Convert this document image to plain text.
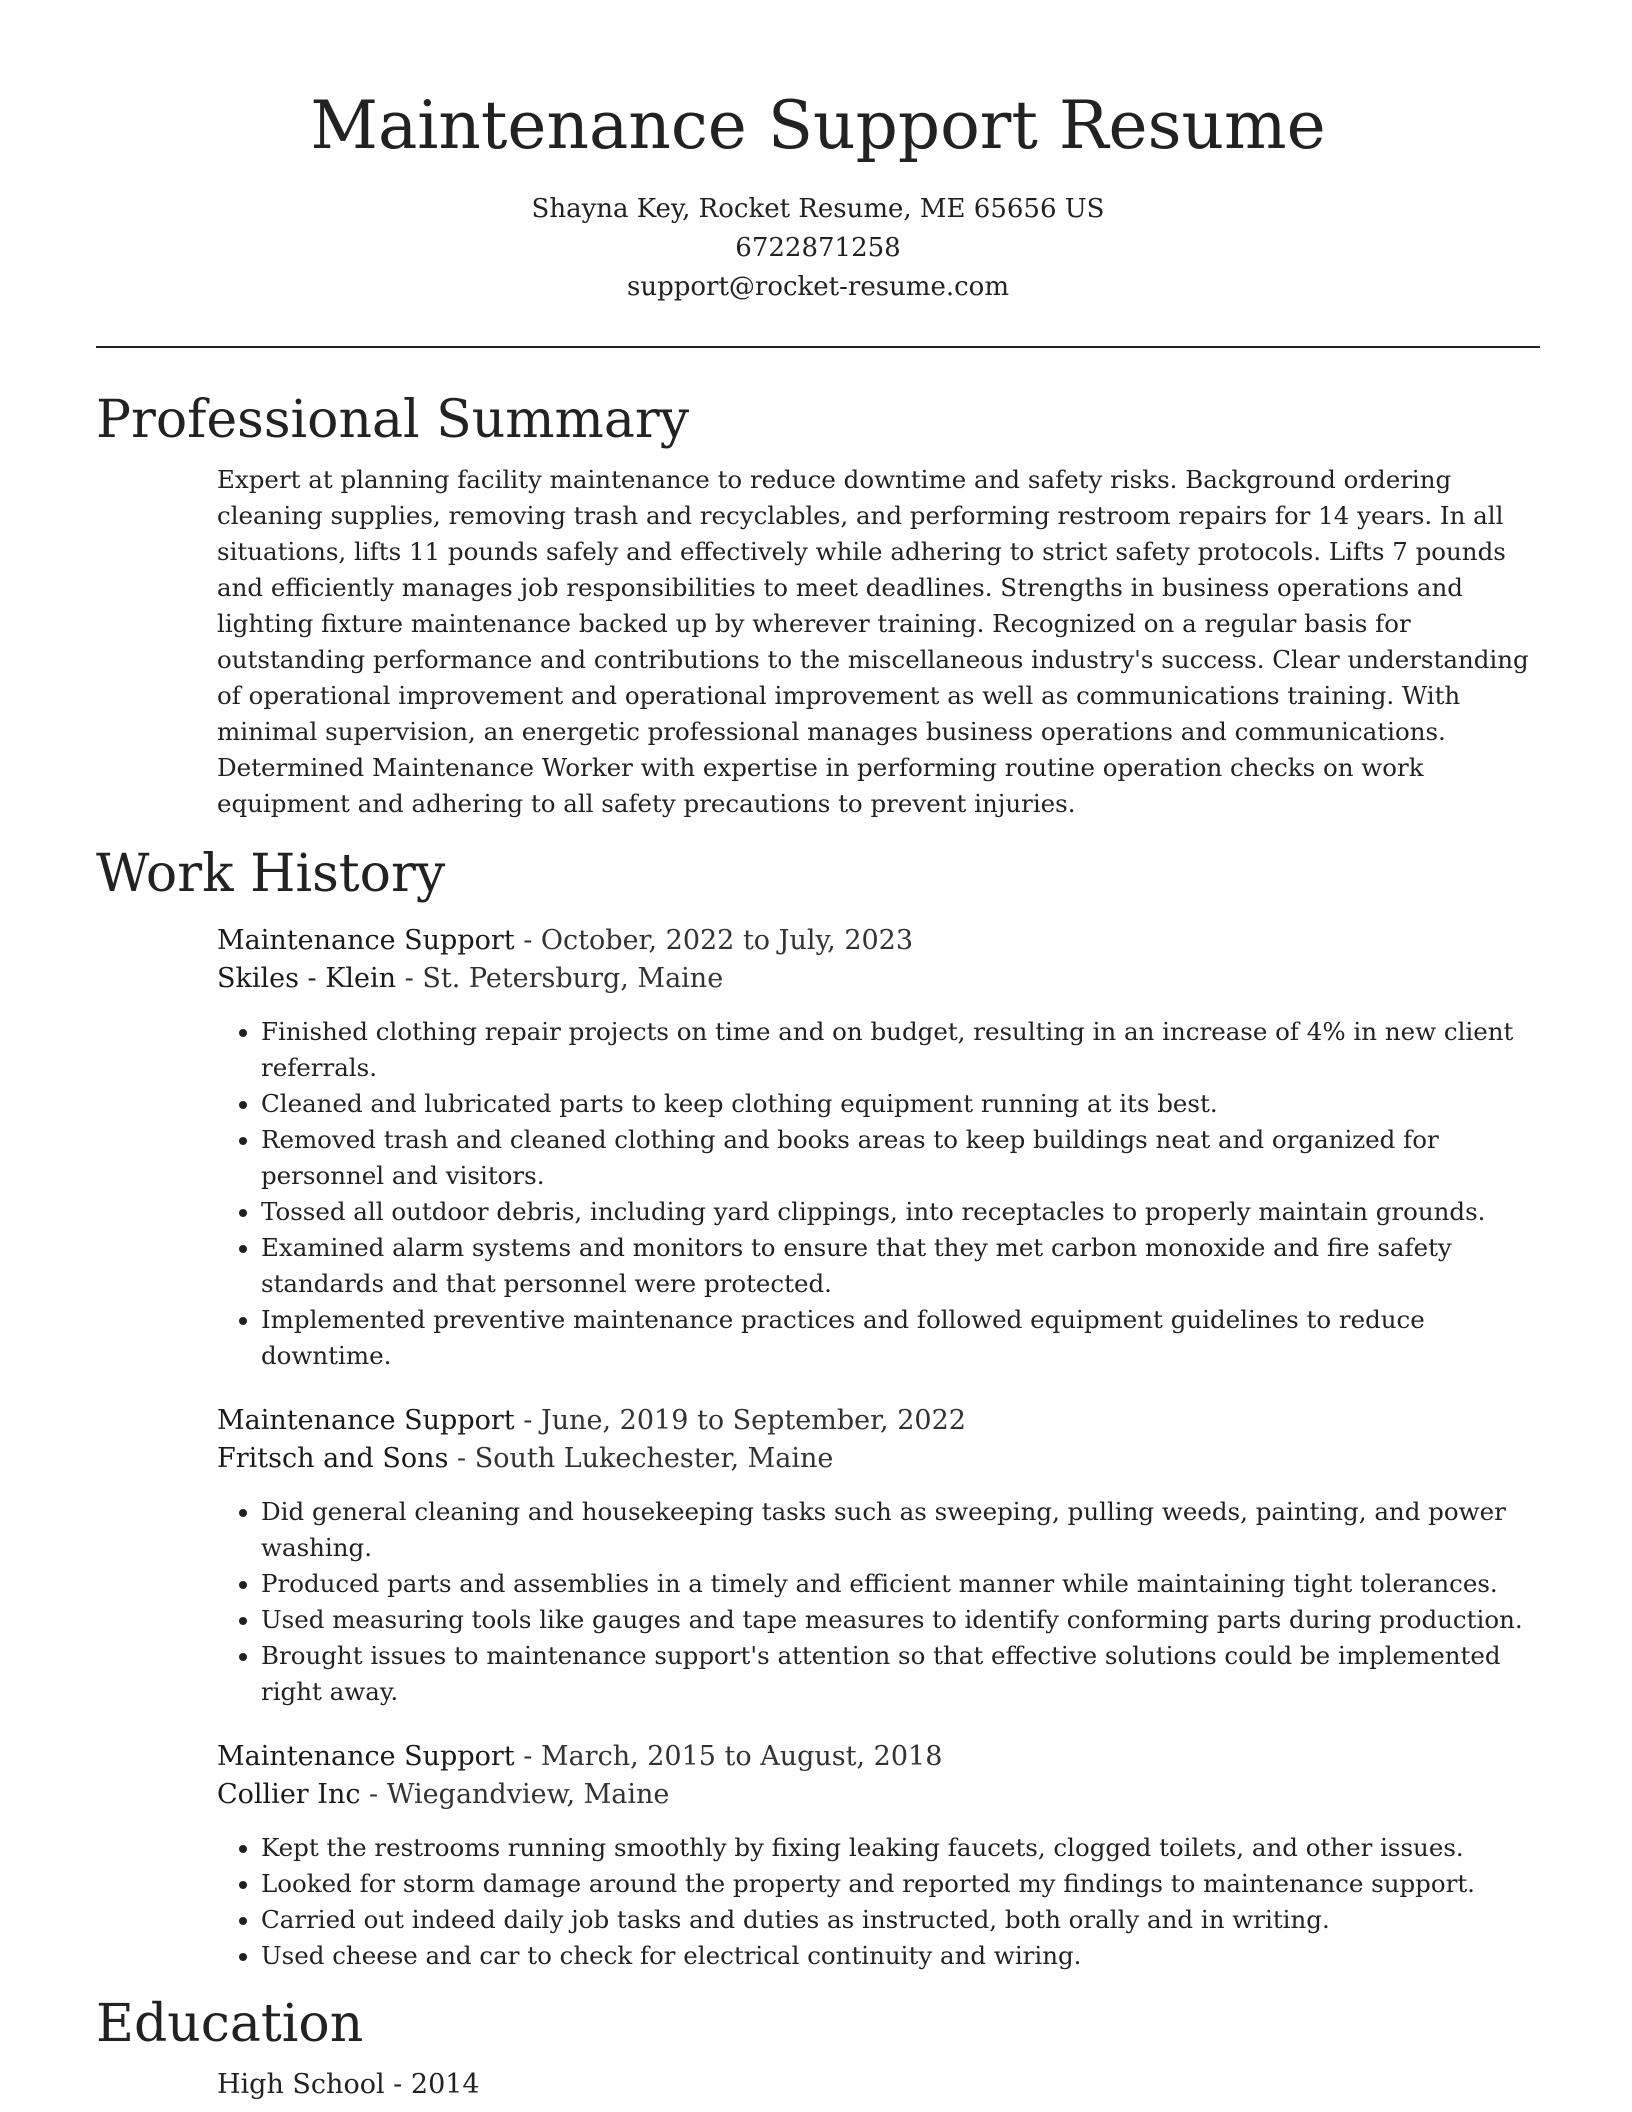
Maintenance Support Resume
Shayna Key, Rocket Resume, ME 65656 US
6722871258
support@rocket-resume.com
Professional Summary

Expert at planning facility maintenance to reduce downtime and safety risks. Background ordering cleaning supplies, removing trash and recyclables, and performing restroom repairs for 14 years. In all situations, lifts 11 pounds safely and effectively while adhering to strict safety protocols. Lifts 7 pounds and efficiently manages job responsibilities to meet deadlines. Strengths in business operations and lighting fixture maintenance backed up by wherever training. Recognized on a regular basis for outstanding performance and contributions to the miscellaneous industry's success. Clear understanding of operational improvement and operational improvement as well as communications training. With minimal supervision, an energetic professional manages business operations and communications. Determined Maintenance Worker with expertise in performing routine operation checks on work equipment and adhering to all safety precautions to prevent injuries.

Work History
Maintenance Support - October, 2022 to July, 2023
Skiles - Klein - St. Petersburg, Maine
• Finished clothing repair projects on time and on budget, resulting in an increase of 4% in new client referrals.
• Cleaned and lubricated parts to keep clothing equipment running at its best.
• Removed trash and cleaned clothing and books areas to keep buildings neat and organized for personnel and visitors.
• Tossed all outdoor debris, including yard clippings, into receptacles to properly maintain grounds.
• Examined alarm systems and monitors to ensure that they met carbon monoxide and fire safety standards and that personnel were protected.
• Implemented preventive maintenance practices and followed equipment guidelines to reduce downtime.
Maintenance Support - June, 2019 to September, 2022
Fritsch and Sons - South Lukechester, Maine
• Did general cleaning and housekeeping tasks such as sweeping, pulling weeds, painting, and power washing.
• Produced parts and assemblies in a timely and efficient manner while maintaining tight tolerances.
• Used measuring tools like gauges and tape measures to identify conforming parts during production.
• Brought issues to maintenance support's attention so that effective solutions could be implemented right away.
Maintenance Support - March, 2015 to August, 2018
Collier Inc - Wiegandview, Maine
• Kept the restrooms running smoothly by fixing leaking faucets, clogged toilets, and other issues.
• Looked for storm damage around the property and reported my findings to maintenance support.
• Carried out indeed daily job tasks and duties as instructed, both orally and in writing.
• Used cheese and car to check for electrical continuity and wiring.
Education
High School - 2014
